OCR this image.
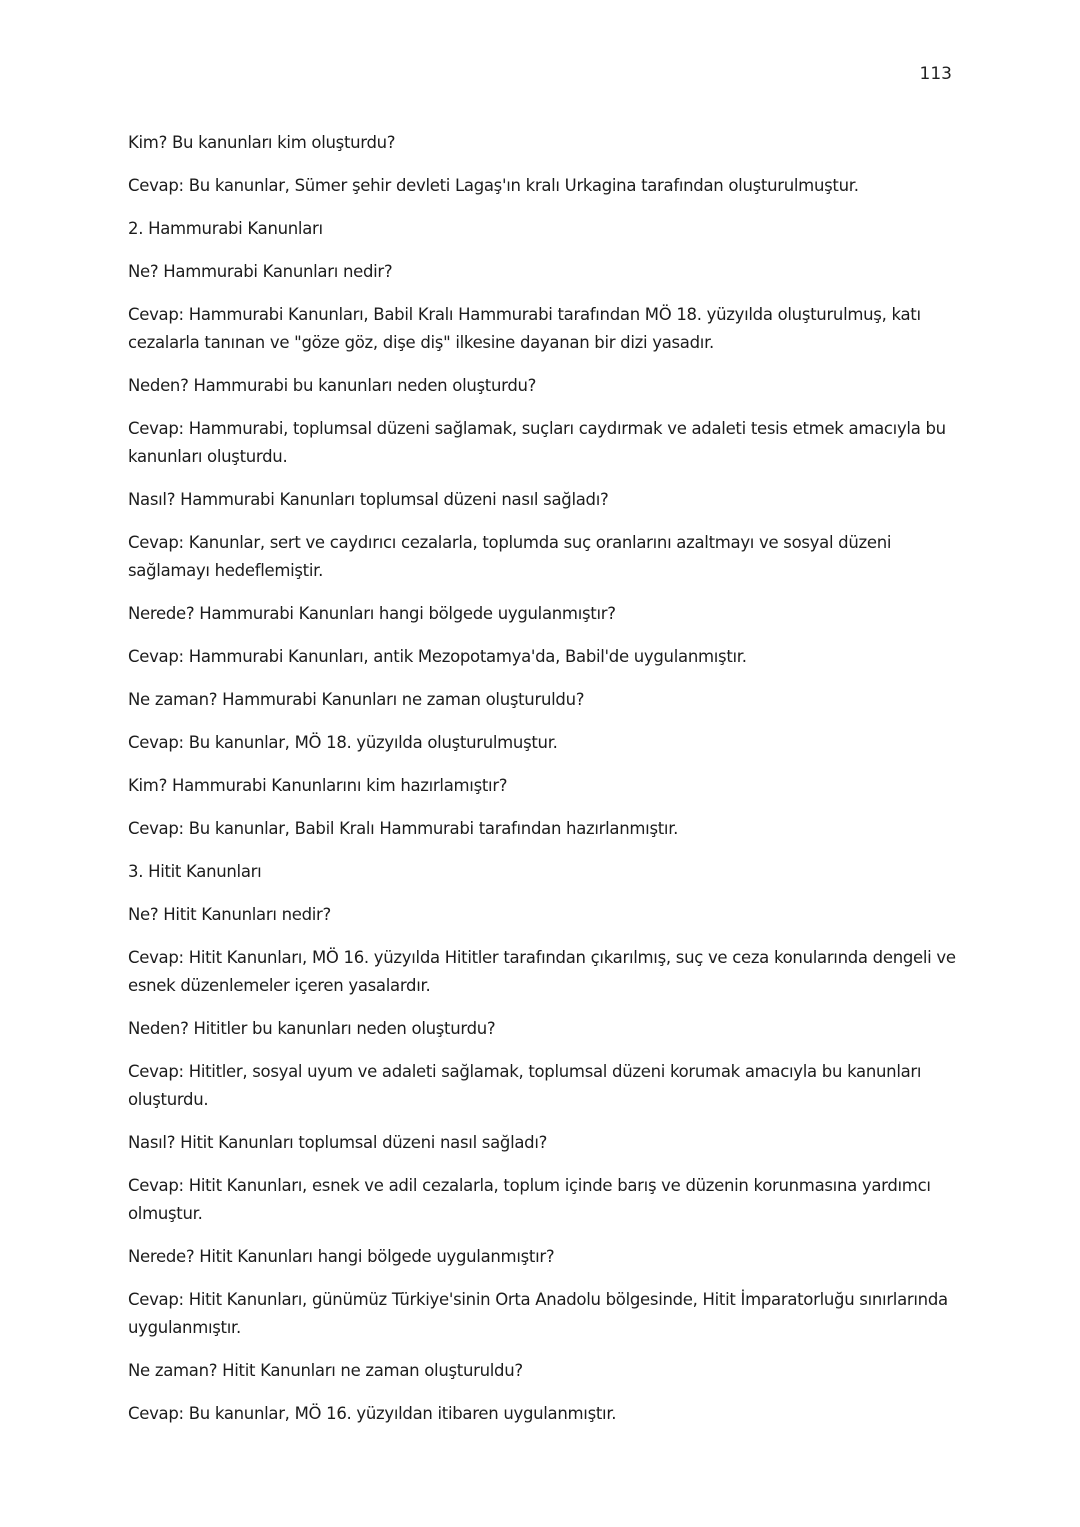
113

Kim? Bu kanunları kim oluşturdu?

Cevap: Bu kanunlar, Sümer şehir devleti Lagaş'ın kralı Urkagina tarafından oluşturulmuştur.

2. Hammurabi Kanunları

Ne? Hammurabi Kanunları nedir?

Cevap: Hammurabi Kanunları, Babil Kralı Hammurabi tarafından MÖ 18. yüzyılda oluşturulmuş, katı cezalarla tanınan ve "göze göz, dişe diş" ilkesine dayanan bir dizi yasadır.

Neden? Hammurabi bu kanunları neden oluşturdu?

Cevap: Hammurabi, toplumsal düzeni sağlamak, suçları caydırmak ve adaleti tesis etmek amacıyla bu kanunları oluşturdu.

Nasıl? Hammurabi Kanunları toplumsal düzeni nasıl sağladı?

Cevap: Kanunlar, sert ve caydırıcı cezalarla, toplumda suç oranlarını azaltmayı ve sosyal düzeni sağlamayı hedeflemiştir.

Nerede? Hammurabi Kanunları hangi bölgede uygulanmıştır?

Cevap: Hammurabi Kanunları, antik Mezopotamya'da, Babil'de uygulanmıştır.

Ne zaman? Hammurabi Kanunları ne zaman oluşturuldu?

Cevap: Bu kanunlar, MÖ 18. yüzyılda oluşturulmuştur.

Kim? Hammurabi Kanunlarını kim hazırlamıştır?

Cevap: Bu kanunlar, Babil Kralı Hammurabi tarafından hazırlanmıştır.

3. Hitit Kanunları

Ne? Hitit Kanunları nedir?

Cevap: Hitit Kanunları, MÖ 16. yüzyılda Hititler tarafından çıkarılmış, suç ve ceza konularında dengeli ve esnek düzenlemeler içeren yasalardır.

Neden? Hititler bu kanunları neden oluşturdu?

Cevap: Hititler, sosyal uyum ve adaleti sağlamak, toplumsal düzeni korumak amacıyla bu kanunları oluşturdu.

Nasıl? Hitit Kanunları toplumsal düzeni nasıl sağladı?

Cevap: Hitit Kanunları, esnek ve adil cezalarla, toplum içinde barış ve düzenin korunmasına yardımcı olmuştur.

Nerede? Hitit Kanunları hangi bölgede uygulanmıştır?

Cevap: Hitit Kanunları, günümüz Türkiye'sinin Orta Anadolu bölgesinde, Hitit İmparatorluğu sınırlarında uygulanmıştır.

Ne zaman? Hitit Kanunları ne zaman oluşturuldu?

Cevap: Bu kanunlar, MÖ 16. yüzyıldan itibaren uygulanmıştır.
